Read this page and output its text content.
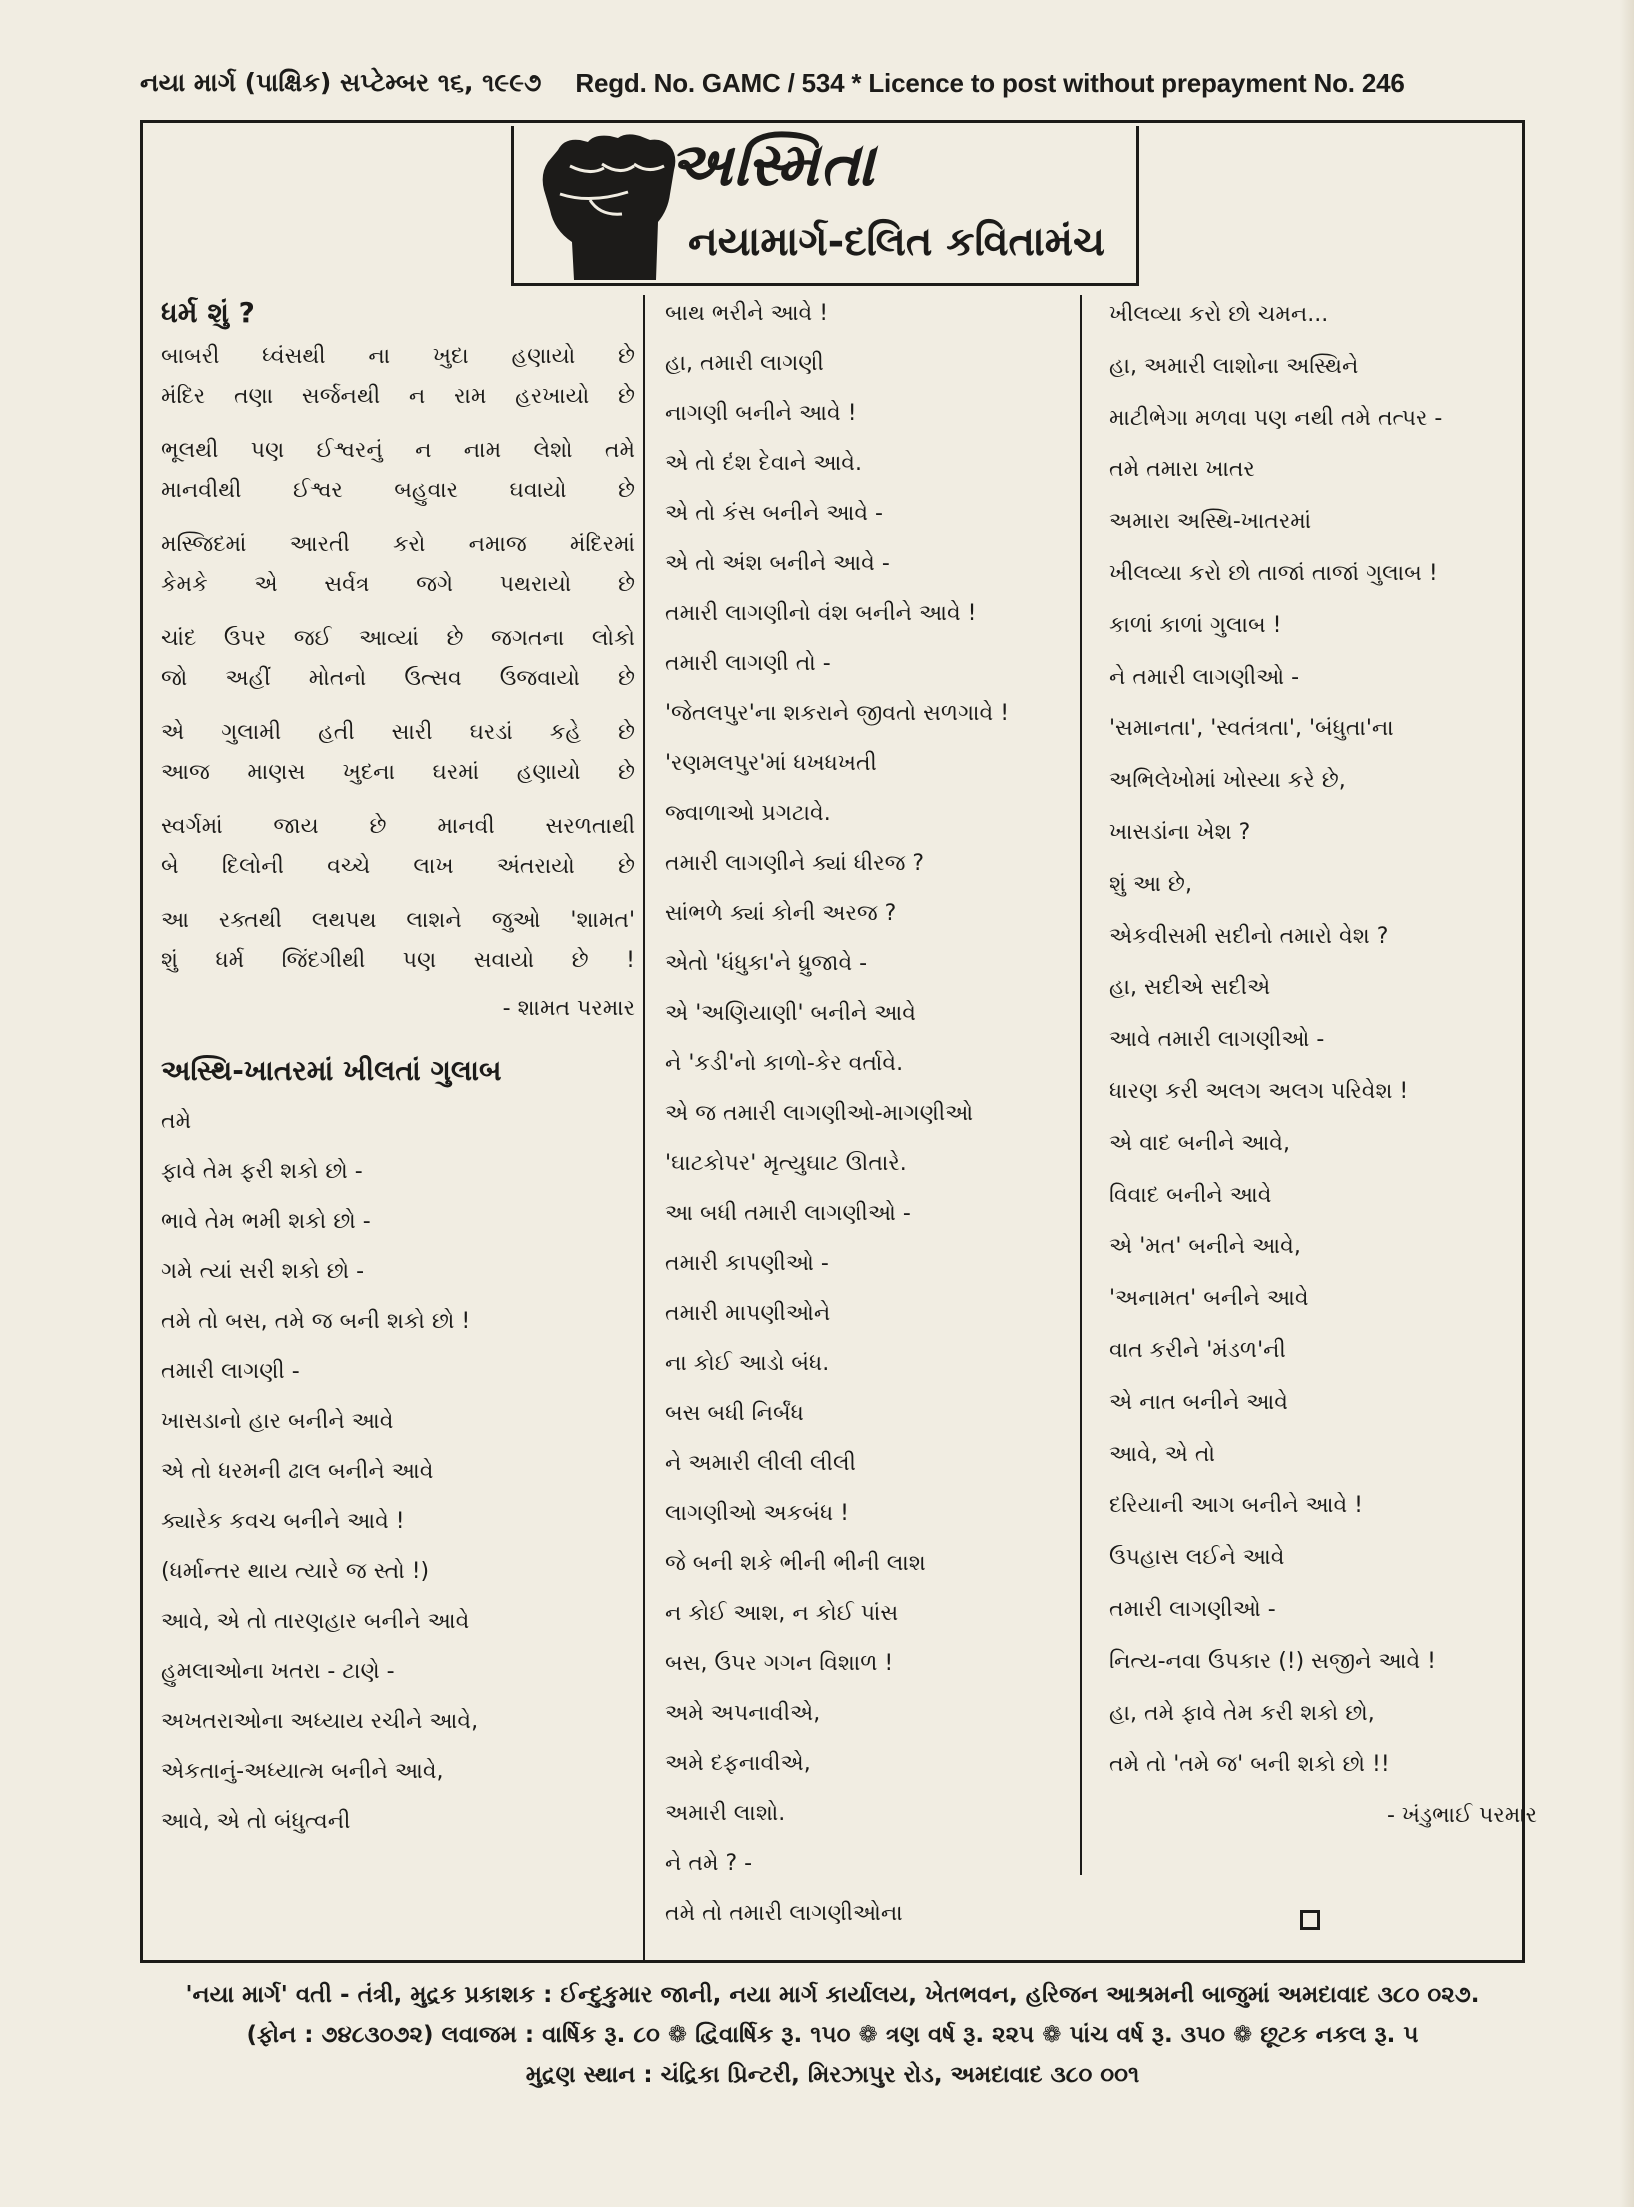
નયા માર્ગ (પાક્ષિક) સપ્ટેમ્બર ૧૬, ૧૯૯૭ Regd. No. GAMC / 534 * Licence to post without prepayment No. 246
અસ્મિતા
નયામાર્ગ-દલિત કવિતામંચ
ધર્મ શું ?
બાબરી ધ્વંસથી ના ખુદા હણાયો છે
મંદિર તણા સર્જનથી ન રામ હરખાયો છે
ભૂલથી પણ ઈશ્વરનું ન નામ લેશો તમે
માનવીથી ઈશ્વર બહુવાર ઘવાયો છે
મસ્જિદમાં આરતી કરો નમાજ મંદિરમાં
કેમકે એ સર્વત્ર જગે પથરાયો છે
ચાંદ ઉપર જઈ આવ્યાં છે જગતના લોકો
જો અહીં મોતનો ઉત્સવ ઉજવાયો છે
એ ગુલામી હતી સારી ઘરડાં કહે છે
આજ માણસ ખુદના ઘરમાં હણાયો છે
સ્વર્ગમાં જાય છે માનવી સરળતાથી
બે દિલોની વચ્ચે લાખ અંતરાયો છે
આ રક્તથી લથપથ લાશને જુઓ 'શામત'
શું ધર્મ જિંદગીથી પણ સવાયો છે !
- શામત પરમાર
અસ્થિ-ખાતરમાં ખીલતાં ગુલાબ
તમે
ફાવે તેમ ફરી શકો છો -
ભાવે તેમ ભમી શકો છો -
ગમે ત્યાં સરી શકો છો -
તમે તો બસ, તમે જ બની શકો છો !
તમારી લાગણી -
ખાસડાનો હાર બનીને આવે
એ તો ધરમની ઢાલ બનીને આવે
ક્યારેક કવચ બનીને આવે !
(ધર્માન્તર થાય ત્યારે જ સ્તો !)
આવે, એ તો તારણહાર બનીને આવે
હુમલાઓના ખતરા - ટાણે -
અખતરાઓના અધ્યાય રચીને આવે,
એકતાનું-અધ્યાત્મ બનીને આવે,
આવે, એ તો બંધુત્વની
બાથ ભરીને આવે !
હા, તમારી લાગણી
નાગણી બનીને આવે !
એ તો દંશ દેવાને આવે.
એ તો કંસ બનીને આવે -
એ તો અંશ બનીને આવે -
તમારી લાગણીનો વંશ બનીને આવે !
તમારી લાગણી તો -
'જેતલપુર'ના શકરાને જીવતો સળગાવે !
'રણમલપુર'માં ધખધખતી
જ્વાળાઓ પ્રગટાવે.
તમારી લાગણીને ક્યાં ધીરજ ?
સાંભળે ક્યાં કોની અરજ ?
એતો 'ધંધુકા'ને ધ્રુજાવે -
એ 'અણિયાણી' બનીને આવે
ને 'કડી'નો કાળો-કેર વર્તાવે.
એ જ તમારી લાગણીઓ-માગણીઓ
'ઘાટકોપર' મૃત્યુઘાટ ઊતારે.
આ બધી તમારી લાગણીઓ -
તમારી કાપણીઓ -
તમારી માપણીઓને
ના કોઈ આડો બંધ.
બસ બધી નિર્બંધ
ને અમારી લીલી લીલી
લાગણીઓ અકબંધ !
જે બની શકે ભીની ભીની લાશ
ન કોઈ આશ, ન કોઈ પાંસ
બસ, ઉપર ગગન વિશાળ !
અમે અપનાવીએ,
અમે દફનાવીએ,
અમારી લાશો.
ને તમે ? -
તમે તો તમારી લાગણીઓના
ખીલવ્યા કરો છો ચમન...
હા, અમારી લાશોના અસ્થિને
માટીભેગા મળવા પણ નથી તમે તત્પર -
તમે તમારા ખાતર
અમારા અસ્થિ-ખાતરમાં
ખીલવ્યા કરો છો તાજાં તાજાં ગુલાબ !
કાળાં કાળાં ગુલાબ !
ને તમારી લાગણીઓ -
'સમાનતા', 'સ્વતંત્રતા', 'બંધુતા'ના
અભિલેખોમાં ખોસ્યા કરે છે,
ખાસડાંના ખેશ ?
શું આ છે,
એકવીસમી સદીનો તમારો વેશ ?
હા, સદીએ સદીએ
આવે તમારી લાગણીઓ -
ધારણ કરી અલગ અલગ પરિવેશ !
એ વાદ બનીને આવે,
વિવાદ બનીને આવે
એ 'મત' બનીને આવે,
'અનામત' બનીને આવે
વાત કરીને 'મંડળ'ની
એ નાત બનીને આવે
આવે, એ તો
દરિયાની આગ બનીને આવે !
ઉપહાસ લઈને આવે
તમારી લાગણીઓ -
નિત્ય-નવા ઉપકાર (!) સજીને આવે !
હા, તમે ફાવે તેમ કરી શકો છો,
તમે તો 'તમે જ' બની શકો છો !!
- ખંડુભાઈ પરમાર
'નયા માર્ગ' વતી - તંત્રી, મુદ્રક પ્રકાશક : ઈન્દુકુમાર જાની, નયા માર્ગ કાર્યાલય, ખેતભવન, હરિજન આશ્રમની બાજુમાં અમદાવાદ ૩૮૦ ૦૨૭.
(ફોન : ૭૪૮૩૦૭૨) લવાજમ : વાર્ષિક રૂ. ૮૦ ❁ દ્વિવાર્ષિક રૂ. ૧૫૦ ❁ ત્રણ વર્ષ રૂ. ૨૨૫ ❁ પાંચ વર્ષ રૂ. ૩૫૦ ❁ છૂટક નકલ રૂ. ૫
મુદ્રણ સ્થાન : ચંદ્રિકા પ્રિન્ટરી, મિરઝાપુર રોડ, અમદાવાદ ૩૮૦ ૦૦૧
